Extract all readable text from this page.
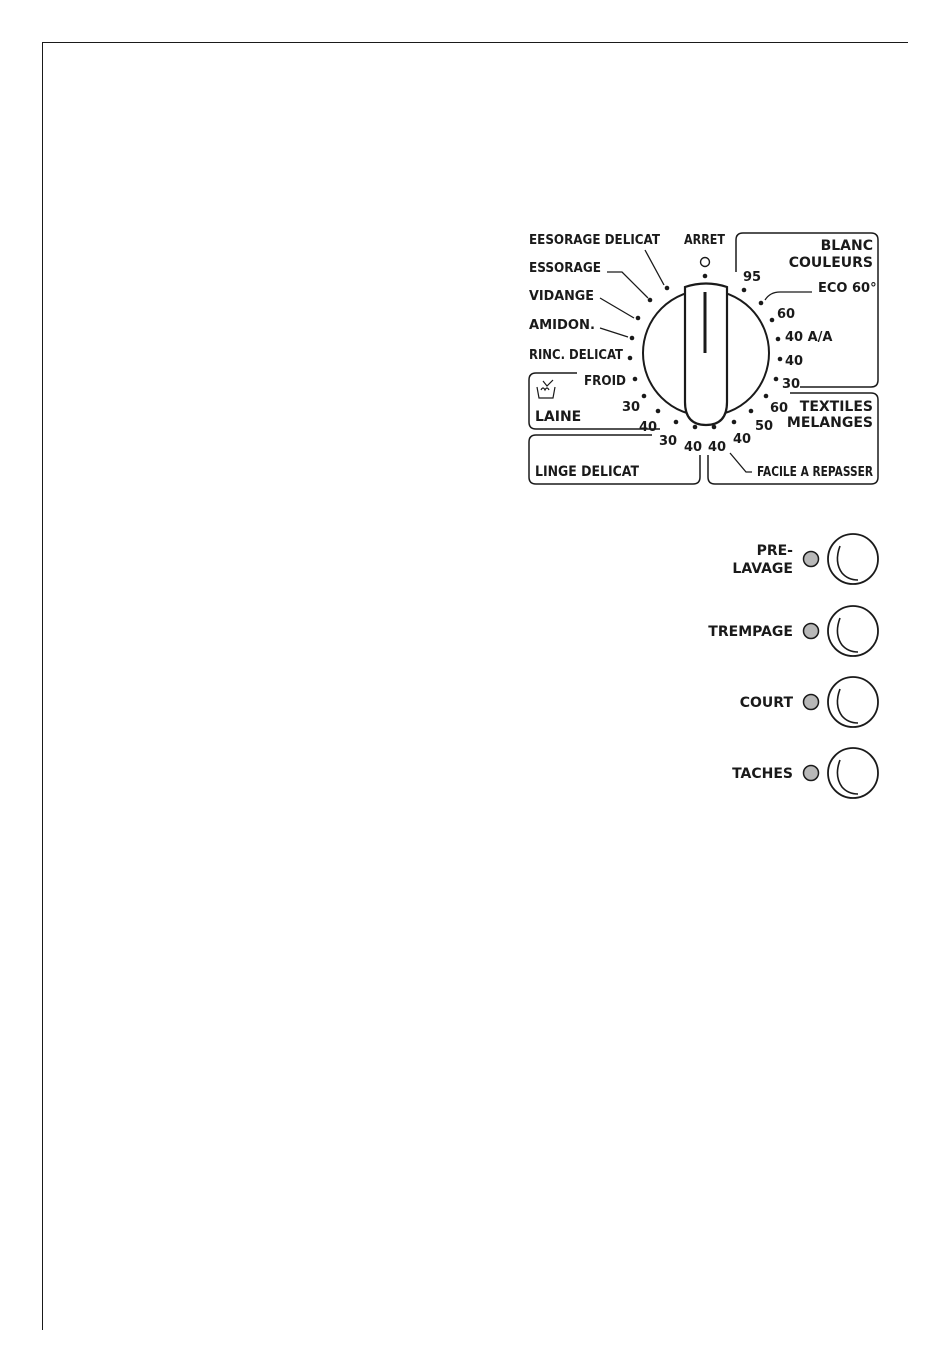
EESORAGE DELICAT ARRET
ESSORAGE
VIDANGE
AMIDON.
RINC. DELICAT
FROID
BLANC
COULEURS
95
ECO 60°
60
40 A/A
40
30
TEXTILES
MELANGES
60
50
40
40
FACILE A REPASSER
LAINE
30
40
30 40
LINGE DELICAT
PRE-
LAVAGE
TREMPAGE
COURT
TACHES
